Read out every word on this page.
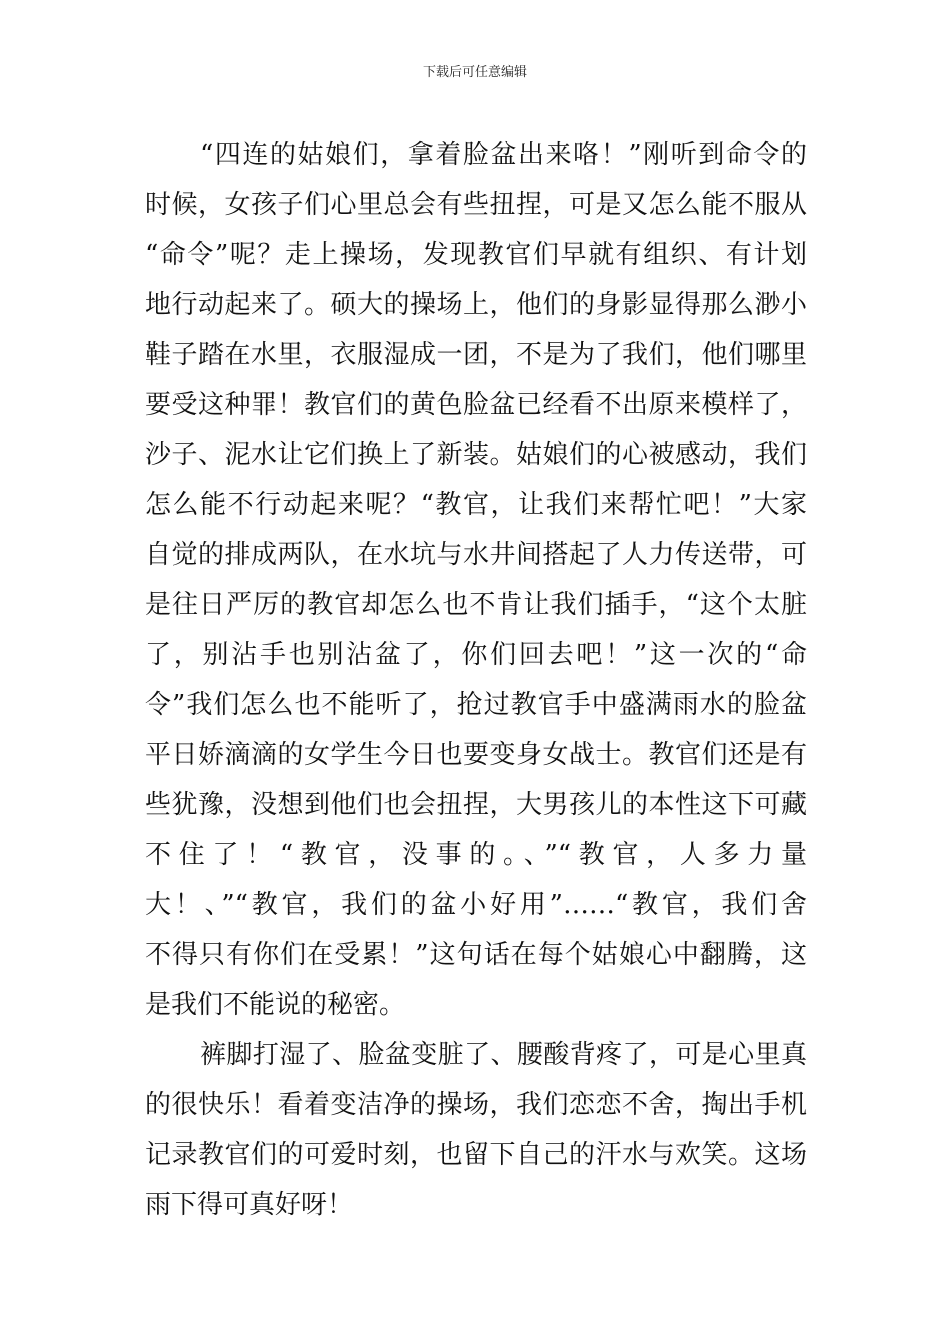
下载后可任意编辑
“四连的姑娘们，拿着脸盆出来咯！”刚听到命令的
时候，女孩子们心里总会有些扭捏，可是又怎么能不服从
“命令”呢？走上操场，发现教官们早就有组织、有计划
地行动起来了。硕大的操场上，他们的身影显得那么渺小
鞋子踏在水里，衣服湿成一团，不是为了我们，他们哪里
要受这种罪！教官们的黄色脸盆已经看不出原来模样了，
沙子、泥水让它们换上了新装。姑娘们的心被感动，我们
怎么能不行动起来呢？“教官，让我们来帮忙吧！”大家
自觉的排成两队，在水坑与水井间搭起了人力传送带，可
是往日严厉的教官却怎么也不肯让我们插手，“这个太脏
了，别沾手也别沾盆了，你们回去吧！”这一次的“命
令”我们怎么也不能听了，抢过教官手中盛满雨水的脸盆
平日娇滴滴的女学生今日也要变身女战士。教官们还是有
些犹豫，没想到他们也会扭捏，大男孩儿的本性这下可藏
不住了！“教官，没事的。、”“教官，人多力量
大！、”“教官，我们的盆小好用”……“教官，我们舍
不得只有你们在受累！”这句话在每个姑娘心中翻腾，这
是我们不能说的秘密。
裤脚打湿了、脸盆变脏了、腰酸背疼了，可是心里真
的很快乐！看着变洁净的操场，我们恋恋不舍，掏出手机
记录教官们的可爱时刻，也留下自己的汗水与欢笑。这场
雨下得可真好呀！
